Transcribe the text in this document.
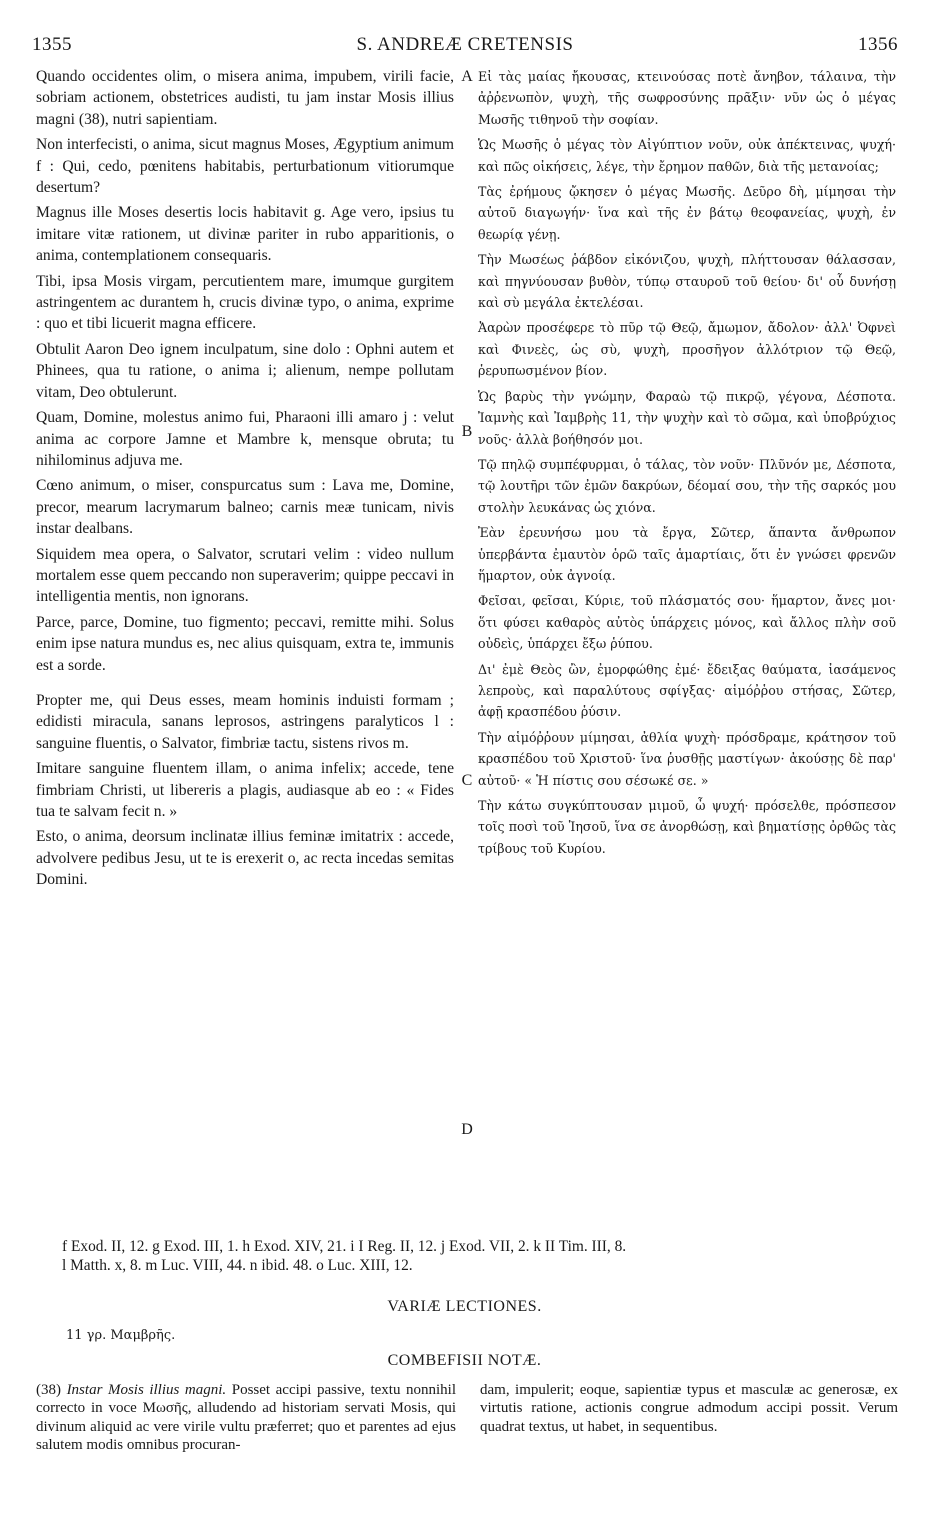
1355	S. ANDREÆ CRETENSIS	1356

Quando occidentes olim, o misera anima, impubem, virili facie, sobriam actionem, obstetrices audisti, tu jam instar Mosis illius magni (38), nutri sapientiam.

Non interfecisti, o anima, sicut magnus Moses, Ægyptium animum f : Qui, cedo, pœnitens habitabis, perturbationum vitiorumque desertum?

Magnus ille Moses desertis locis habitavit g. Age vero, ipsius tu imitare vitæ rationem, ut divinæ pariter in rubo apparitionis, o anima, contemplationem consequaris.

Tibi, ipsa Mosis virgam, percutientem mare, imumque gurgitem astringentem ac durantem h, crucis divinæ typo, o anima, exprime : quo et tibi licuerit magna efficere.

Obtulit Aaron Deo ignem inculpatum, sine dolo : Ophni autem et Phinees, qua tu ratione, o anima i; alienum, nempe pollutam vitam, Deo obtulerunt.

Quam, Domine, molestus animo fui, Pharaoni illi amaro j : velut anima ac corpore Jamne et Mambre k, mensque obruta; tu nihilominus adjuva me.

Cœno animum, o miser, conspurcatus sum : Lava me, Domine, precor, mearum lacrymarum balneo; carnis meæ tunicam, nivis instar dealbans.

Siquidem mea opera, o Salvator, scrutari velim : video nullum mortalem esse quem peccando non superaverim; quippe peccavi in intelligentia mentis, non ignorans.

Parce, parce, Domine, tuo figmento; peccavi, remitte mihi. Solus enim ipse natura mundus es, nec alius quisquam, extra te, immunis est a sorde.

Propter me, qui Deus esses, meam hominis induisti formam ; edidisti miracula, sanans leprosos, astringens paralyticos l : sanguine fluentis, o Salvator, fimbriæ tactu, sistens rivos m.

Imitare sanguine fluentem illam, o anima infelix; accede, tene fimbriam Christi, ut libereris a plagis, audiasque ab eo : « Fides tua te salvam fecit n. »

Esto, o anima, deorsum inclinatæ illius feminæ imitatrix : accede, advolvere pedibus Jesu, ut te is erexerit o, ac recta incedas semitas Domini.

A
B
C
D

Εἰ τὰς μαίας ἤκουσας, κτεινούσας ποτὲ ἄνηβον, τάλαινα, τὴν ἀῤῥενωπὸν, ψυχὴ, τῆς σωφροσύνης πρᾶξιν· νῦν ὡς ὁ μέγας Μωσῆς τιθηνοῦ τὴν σοφίαν.

Ὡς Μωσῆς ὁ μέγας τὸν Αἰγύπτιον νοῦν, οὐκ ἀπέκτεινας, ψυχή· καὶ πῶς οἰκήσεις, λέγε, τὴν ἔρημον παθῶν, διὰ τῆς μετανοίας;

Τὰς ἐρήμους ᾤκησεν ὁ μέγας Μωσῆς. Δεῦρο δὴ, μίμησαι τὴν αὐτοῦ διαγωγήν· ἵνα καὶ τῆς ἐν βάτῳ θεοφανείας, ψυχὴ, ἐν θεωρίᾳ γένῃ.

Τὴν Μωσέως ῥάβδον εἰκόνιζου, ψυχὴ, πλήττουσαν θάλασσαν, καὶ πηγνύουσαν βυθὸν, τύπῳ σταυροῦ τοῦ θείου· δι' οὗ δυνήσῃ καὶ σὺ μεγάλα ἐκτελέσαι.

Ἀαρὼν προσέφερε τὸ πῦρ τῷ Θεῷ, ἄμωμον, ἄδολον· ἀλλ' Ὀφνεὶ καὶ Φινεὲς, ὡς σὺ, ψυχὴ, προσῆγον ἀλλότριον τῷ Θεῷ, ῥερυπωσμένον βίον.

Ὡς βαρὺς τὴν γνώμην, Φαραὼ τῷ πικρῷ, γέγονα, Δέσποτα. Ἰαμνὴς καὶ Ἰαμβρὴς 11, τὴν ψυχὴν καὶ τὸ σῶμα, καὶ ὑποβρύχιος νοῦς· ἀλλὰ βοήθησόν μοι.

Τῷ πηλῷ συμπέφυρμαι, ὁ τάλας, τὸν νοῦν· Πλῦνόν με, Δέσποτα, τῷ λουτῆρι τῶν ἐμῶν δακρύων, δέομαί σου, τὴν τῆς σαρκός μου στολὴν λευκάνας ὡς χιόνα.

Ἐὰν ἐρευνήσω μου τὰ ἔργα, Σῶτερ, ἅπαντα ἄνθρωπον ὑπερβάντα ἐμαυτὸν ὁρῶ ταῖς ἁμαρτίαις, ὅτι ἐν γνώσει φρενῶν ἥμαρτον, οὐκ ἀγνοίᾳ.

Φεῖσαι, φεῖσαι, Κύριε, τοῦ πλάσματός σου· ἥμαρτον, ἄνες μοι· ὅτι φύσει καθαρὸς αὐτὸς ὑπάρχεις μόνος, καὶ ἄλλος πλὴν σοῦ οὐδεὶς, ὑπάρχει ἔξω ῥύπου.

Δι' ἐμὲ Θεὸς ὢν, ἐμορφώθης ἐμέ· ἔδειξας θαύματα, ἰασάμενος λεπροὺς, καὶ παραλύτους σφίγξας· αἱμόῤῥου στήσας, Σῶτερ, ἀφῇ κρασπέδου ῥύσιν.

Τὴν αἱμόῤῥουν μίμησαι, ἀθλία ψυχὴ· πρόσδραμε, κράτησον τοῦ κρασπέδου τοῦ Χριστοῦ· ἵνα ῥυσθῇς μαστίγων· ἀκούσῃς δὲ παρ' αὐτοῦ· « Ἡ πίστις σου σέσωκέ σε. »

Τὴν κάτω συγκύπτουσαν μιμοῦ, ὦ ψυχή· πρόσελθε, πρόσπεσον τοῖς ποσὶ τοῦ Ἰησοῦ, ἵνα σε ἀνορθώσῃ, καὶ βηματίσῃς ὀρθῶς τὰς τρίβους τοῦ Κυρίου.

f Exod. II, 12. g Exod. III, 1. h Exod. XIV, 21. i I Reg. II, 12. j Exod. VII, 2. k II Tim. III, 8.

l Matth. x, 8. m Luc. VIII, 44. n ibid. 48. o Luc. XIII, 12.

VARIÆ LECTIONES.
11 γρ. Μαμβρῆς.
COMBEFISII NOTÆ.

(38) Instar Mosis illius magni. Posset accipi passive, textu nonnihil correcto in voce Μωσῆς, alludendo ad historiam servati Mosis, qui divinum aliquid ac vere virile vultu præferret; quo et parentes ad ejus salutem modis omnibus procuran-

dam, impulerit; eoque, sapientiæ typus et masculæ ac generosæ, ex virtutis ratione, actionis congrue admodum accipi possit. Verum quadrat textus, ut habet, in sequentibus.
